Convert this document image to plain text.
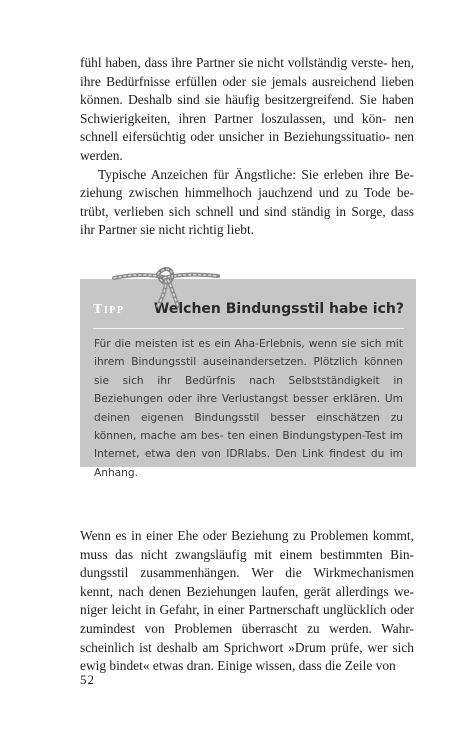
fühl haben, dass ihre Partner sie nicht vollständig verste- hen, ihre Bedürfnisse erfüllen oder sie jemals ausreichend lieben können. Deshalb sind sie häufig besitzergreifend. Sie haben Schwierigkeiten, ihren Partner loszulassen, und kön- nen schnell eifersüchtig oder unsicher in Beziehungssituatio- nen werden.

Typische Anzeichen für Ängstliche: Sie erleben ihre Be- ziehung zwischen himmelhoch jauchzend und zu Tode be- trübt, verlieben sich schnell und sind ständig in Sorge, dass ihr Partner sie nicht richtig liebt.

Tipp Welchen Bindungsstil habe ich?

Für die meisten ist es ein Aha-Erlebnis, wenn sie sich mit ihrem Bindungsstil auseinandersetzen. Plötzlich können sie sich ihr Bedürfnis nach Selbstständigkeit in Beziehungen oder ihre Verlustangst besser erklären. Um deinen eigenen Bindungsstil besser einschätzen zu können, mache am bes- ten einen Bindungstypen-Test im Internet, etwa den von IDRlabs. Den Link findest du im Anhang.

Wenn es in einer Ehe oder Beziehung zu Problemen kommt, muss das nicht zwangsläufig mit einem bestimmten Bin- dungsstil zusammenhängen. Wer die Wirkmechanismen kennt, nach denen Beziehungen laufen, gerät allerdings we- niger leicht in Gefahr, in einer Partnerschaft unglücklich oder zumindest von Problemen überrascht zu werden. Wahr- scheinlich ist deshalb am Sprichwort »Drum prüfe, wer sich ewig bindet« etwas dran. Einige wissen, dass die Zeile von

52
